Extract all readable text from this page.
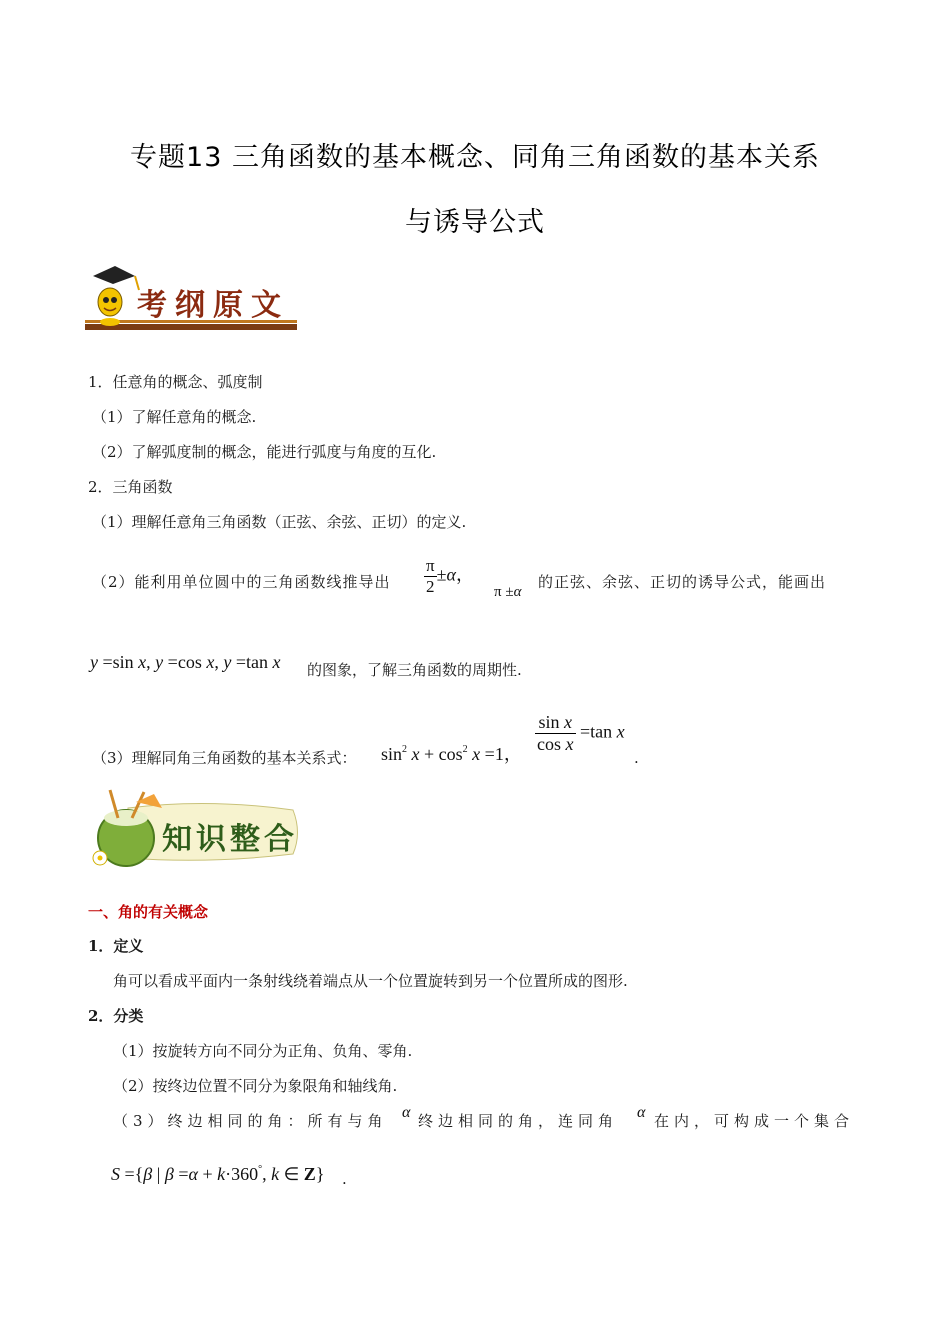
专题13 三角函数的基本概念、同角三角函数的基本关系
与诱导公式
考纲原文
1．任意角的概念、弧度制
（1）了解任意角的概念.
（2）了解弧度制的概念，能进行弧度与角度的互化.
2．三角函数
（1）理解任意角三角函数（正弦、余弦、正切）的定义.
（2）能利用单位圆中的三角函数线推导出 $\frac{\pi}{2} \pm\alpha$，
π ±α
的正弦、余弦、正切的诱导公式，能画出
y =sin x, y =cos x, y =tan x 的图象，了解三角函数的周期性.
（3）理解同角三角函数的基本关系式： $\sin^2 x + \cos^2 x =1$， $\frac{\text{sin x}}{\text{cos x}} =\tan$ x
.
知识整合
一、角的有关概念
1．定义
角可以看成平面内一条射线绕着端点从一个位置旋转到另一个位置所成的图形.
2．分类
（1）按旋转方向不同分为正角、负角、零角.
（2）按终边位置不同分为象限角和轴线角.
（3）终边相同的角：所有与角 α 终边相同的角，连同角 α 在内，可构成一个集合
S ={β | β =α + k·360°, k ∈ Z} .
